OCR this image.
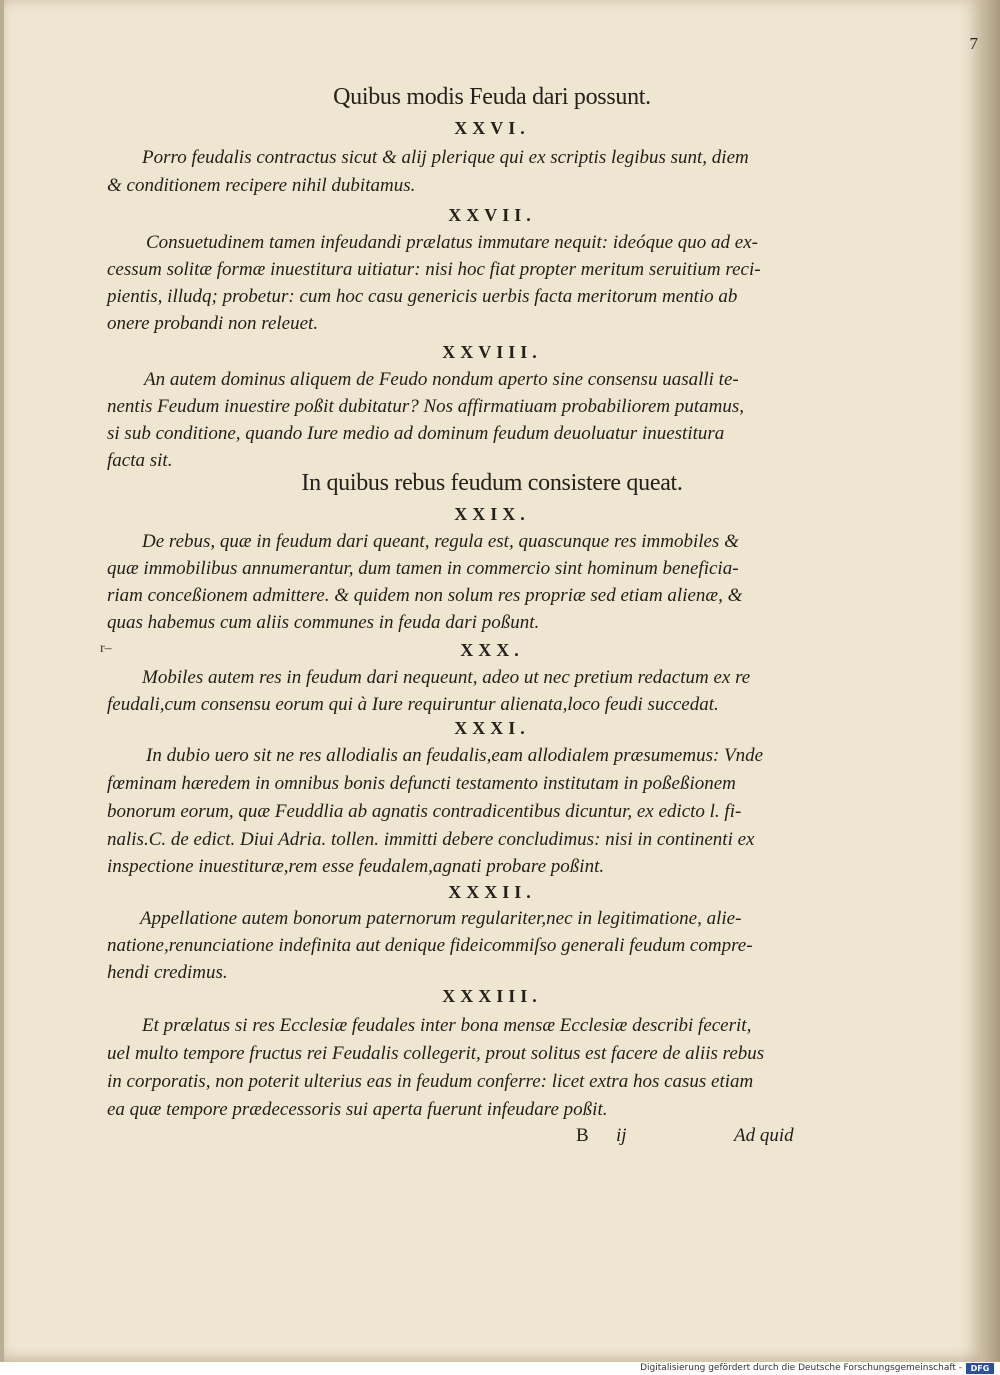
7
Quibus modis Feuda dari possunt.
XXVI.
Porro feudalis contractus sicut & alij plerique qui ex scriptis legibus sunt, diem
& conditionem recipere nihil dubitamus.
XXVII.
Consuetudinem tamen infeudandi prælatus immutare nequit: ideóque quo ad ex-
cessum solitæ formæ inuestitura uitiatur: nisi hoc fiat propter meritum seruitium reci-
pientis, illudq; probetur: cum hoc casu genericis uerbis facta meritorum mentio ab
onere probandi non releuet.
XXVIII.
An autem dominus aliquem de Feudo nondum aperto sine consensu uasalli te-
nentis Feudum inuestire poßit dubitatur? Nos affirmatiuam probabiliorem putamus,
si sub conditione, quando Iure medio ad dominum feudum deuoluatur inuestitura
facta sit.
In quibus rebus feudum consistere queat.
XXIX.
De rebus, quæ in feudum dari queant, regula est, quascunque res immobiles &
quæ immobilibus annumerantur, dum tamen in commercio sint hominum beneficia-
riam conceßionem admittere. & quidem non solum res propriæ sed etiam alienæ, &
quas habemus cum aliis communes in feuda dari poßunt.
r–	XXX.
Mobiles autem res in feudum dari nequeunt, adeo ut nec pretium redactum ex re
feudali,cum consensu eorum qui à Iure requiruntur alienata,loco feudi succedat.
XXXI.
In dubio uero sit ne res allodialis an feudalis,eam allodialem præsumemus: Vnde
fœminam hæredem in omnibus bonis defuncti testamento institutam in poßeßionem
bonorum eorum, quæ Feuddlia ab agnatis contradicentibus dicuntur, ex edicto l. fi-
nalis.C. de edict. Diui Adria. tollen. immitti debere concludimus: nisi in continenti ex
inspectione inuestituræ,rem esse feudalem,agnati probare poßint.
XXXII.
Appellatione autem bonorum paternorum regulariter,nec in legitimatione, alie-
natione,renunciatione indefinita aut denique fideicommiſso generali feudum compre-
hendi credimus.
XXXIII.
Et prælatus si res Ecclesiæ feudales inter bona mensæ Ecclesiæ describi fecerit,
uel multo tempore fructus rei Feudalis collegerit, prout solitus est facere de aliis rebus
in corporatis, non poterit ulterius eas in feudum conferre: licet extra hos casus etiam
ea quæ tempore prædecessoris sui aperta fuerunt infeudare poßit.
B ij	Ad quid
Digitalisierung gefördert durch die Deutsche Forschungsgemeinschaft -	DFG
